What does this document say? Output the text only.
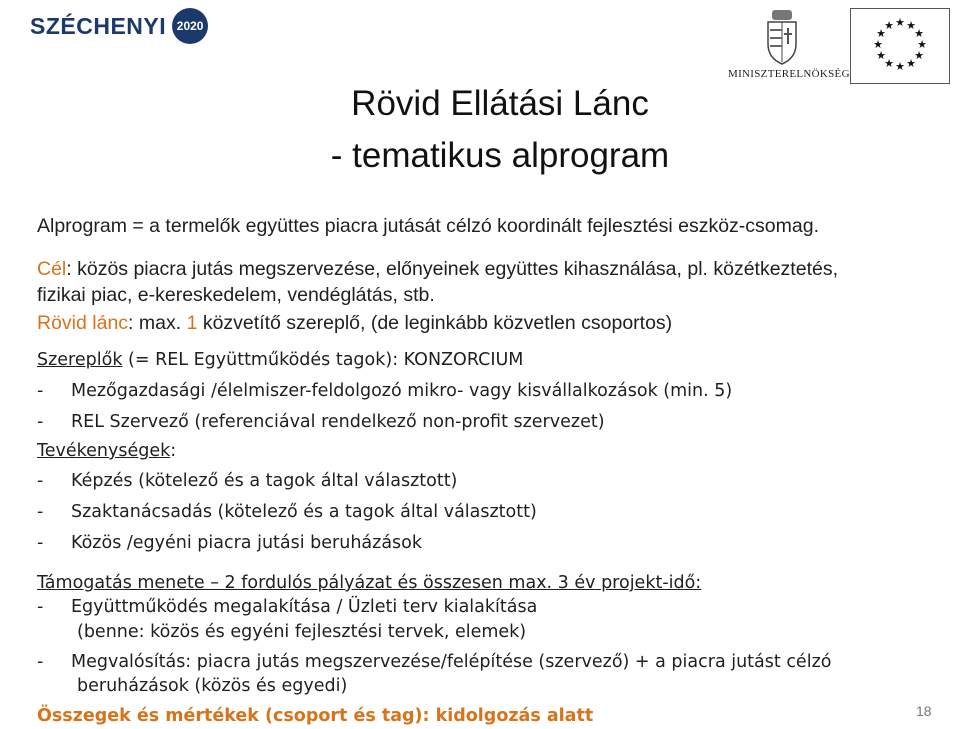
SZÉCHENYI 2020
MINISZTERELNÖKSÉG
★ ★
★
★
★
★
★
★
★
★
★
★
Rövid Ellátási Lánc
- tematikus alprogram
Alprogram = a termelők együttes piacra jutását célzó koordinált fejlesztési eszköz-csomag.
Cél: közös piacra jutás megszervezése, előnyeinek együttes kihasználása, pl. közétkeztetés,
fizikai piac, e-kereskedelem, vendéglátás, stb.
Rövid lánc: max. 1 közvetítő szereplő, (de leginkább közvetlen csoportos)
Szereplők (= REL Együttműködés tagok): KONZORCIUM
- Mezőgazdasági /élelmiszer-feldolgozó mikro- vagy kisvállalkozások (min. 5)
- REL Szervező (referenciával rendelkező non-profit szervezet)
Tevékenységek:
- Képzés (kötelező és a tagok által választott)
- Szaktanácsadás (kötelező és a tagok által választott)
- Közös /egyéni piacra jutási beruházások
Támogatás menete – 2 fordulós pályázat és összesen max. 3 év projekt-idő:
- Együttműködés megalakítása / Üzleti terv kialakítása
(benne: közös és egyéni fejlesztési tervek, elemek)
- Megvalósítás: piacra jutás megszervezése/felépítése (szervező) + a piacra jutást célzó
beruházások (közös és egyedi)
Összegek és mértékek (csoport és tag): kidolgozás alatt	18
